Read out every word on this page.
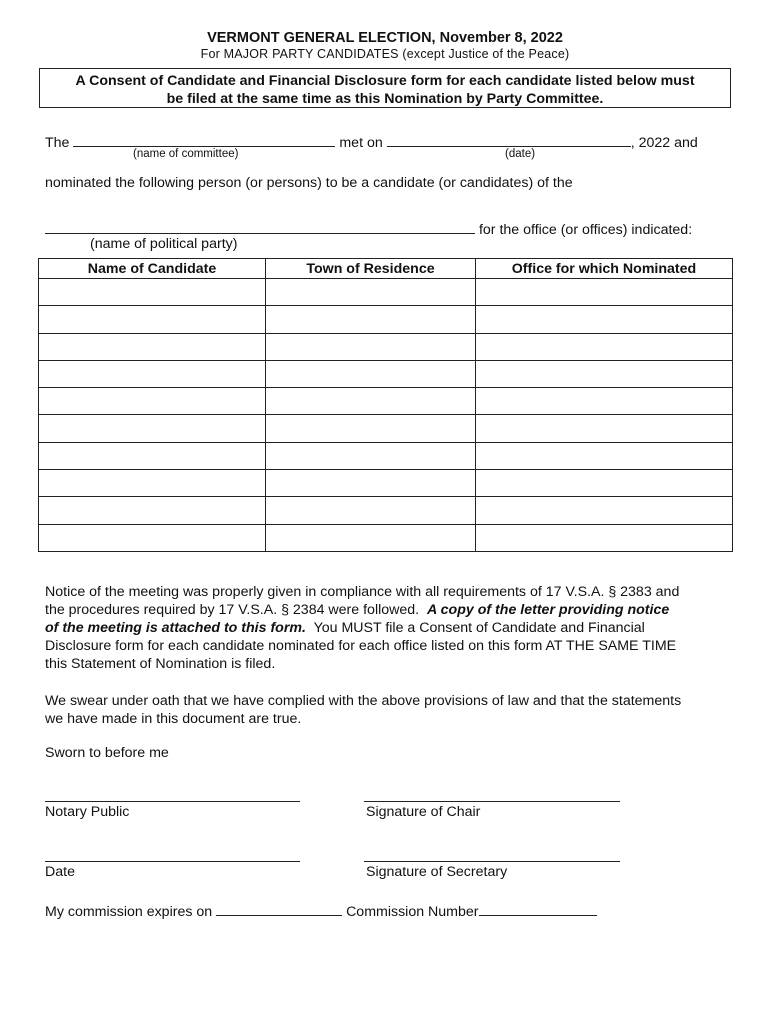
VERMONT GENERAL ELECTION, November 8, 2022
For MAJOR PARTY CANDIDATES (except Justice of the Peace)
A Consent of Candidate and Financial Disclosure form for each candidate listed below must
be filed at the same time as this Nomination by Party Committee.
The	met on	, 2022 and
(name of committee)	(date)
nominated the following person (or persons) to be a candidate (or candidates) of the
for the office (or offices) indicated:
(name of political party)
Name of Candidate	Town of Residence	Office for which Nominated

Notice of the meeting was properly given in compliance with all requirements of 17 V.S.A. § 2383 and
the procedures required by 17 V.S.A. § 2384 were followed. A copy of the letter providing notice
of the meeting is attached to this form. You MUST file a Consent of Candidate and Financial
Disclosure form for each candidate nominated for each office listed on this form AT THE SAME TIME
this Statement of Nomination is filed.
We swear under oath that we have complied with the above provisions of law and that the statements
we have made in this document are true.
Sworn to before me
Notary Public	Signature of Chair
Date	Signature of Secretary
My commission expires on	Commission Number
